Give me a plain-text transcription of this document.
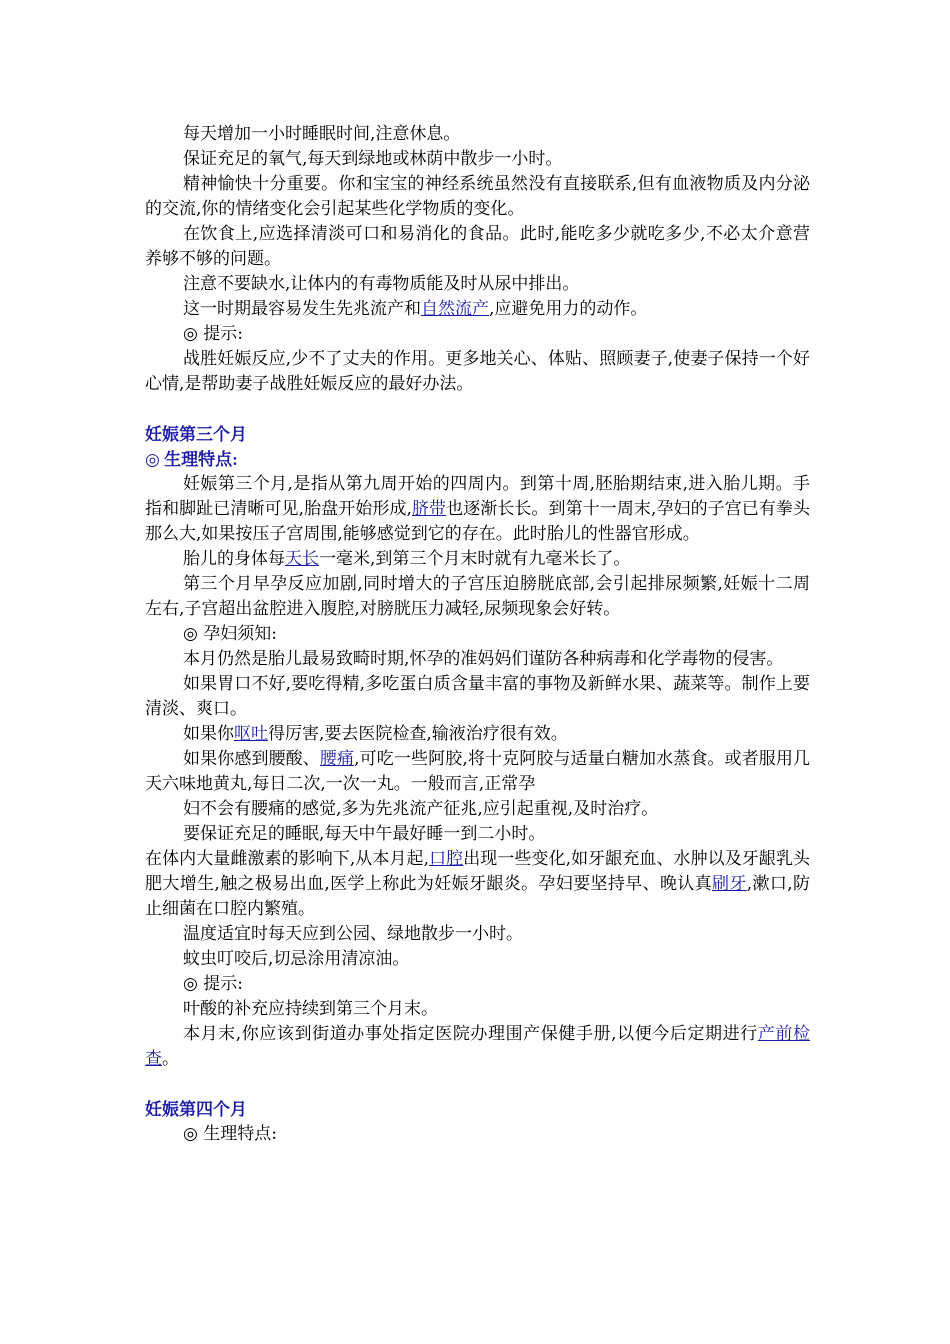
每天增加一小时睡眠时间,注意休息。

保证充足的氧气,每天到绿地或林荫中散步一小时。

精神愉快十分重要。你和宝宝的神经系统虽然没有直接联系,但有血液物质及内分泌的交流,你的情绪变化会引起某些化学物质的变化。

在饮食上,应选择清淡可口和易消化的食品。此时,能吃多少就吃多少,不必太介意营养够不够的问题。

注意不要缺水,让体内的有毒物质能及时从尿中排出。

这一时期最容易发生先兆流产和自然流产,应避免用力的动作。

◎ 提示:

战胜妊娠反应,少不了丈夫的作用。更多地关心、体贴、照顾妻子,使妻子保持一个好心情,是帮助妻子战胜妊娠反应的最好办法。

妊娠第三个月

◎ 生理特点:

妊娠第三个月,是指从第九周开始的四周内。到第十周,胚胎期结束,进入胎儿期。手指和脚趾已清晰可见,胎盘开始形成,脐带也逐渐长长。到第十一周末,孕妇的子宫已有拳头那么大,如果按压子宫周围,能够感觉到它的存在。此时胎儿的性器官形成。

胎儿的身体每天长一毫米,到第三个月末时就有九毫米长了。

第三个月早孕反应加剧,同时增大的子宫压迫膀胱底部,会引起排尿频繁,妊娠十二周左右,子宫超出盆腔进入腹腔,对膀胱压力减轻,尿频现象会好转。

◎ 孕妇须知:

本月仍然是胎儿最易致畸时期,怀孕的准妈妈们谨防各种病毒和化学毒物的侵害。

如果胃口不好,要吃得精,多吃蛋白质含量丰富的事物及新鲜水果、蔬菜等。制作上要清淡、爽口。

如果你呕吐得厉害,要去医院检查,输液治疗很有效。

如果你感到腰酸、腰痛,可吃一些阿胶,将十克阿胶与适量白糖加水蒸食。或者服用几天六味地黄丸,每日二次,一次一丸。一般而言,正常孕

妇不会有腰痛的感觉,多为先兆流产征兆,应引起重视,及时治疗。

要保证充足的睡眠,每天中午最好睡一到二小时。

在体内大量雌激素的影响下,从本月起,口腔出现一些变化,如牙龈充血、水肿以及牙龈乳头肥大增生,触之极易出血,医学上称此为妊娠牙龈炎。孕妇要坚持早、晚认真刷牙,漱口,防止细菌在口腔内繁殖。

温度适宜时每天应到公园、绿地散步一小时。

蚊虫叮咬后,切忌涂用清凉油。

◎ 提示:

叶酸的补充应持续到第三个月末。

本月末,你应该到街道办事处指定医院办理围产保健手册,以便今后定期进行产前检查。

妊娠第四个月

◎ 生理特点:
